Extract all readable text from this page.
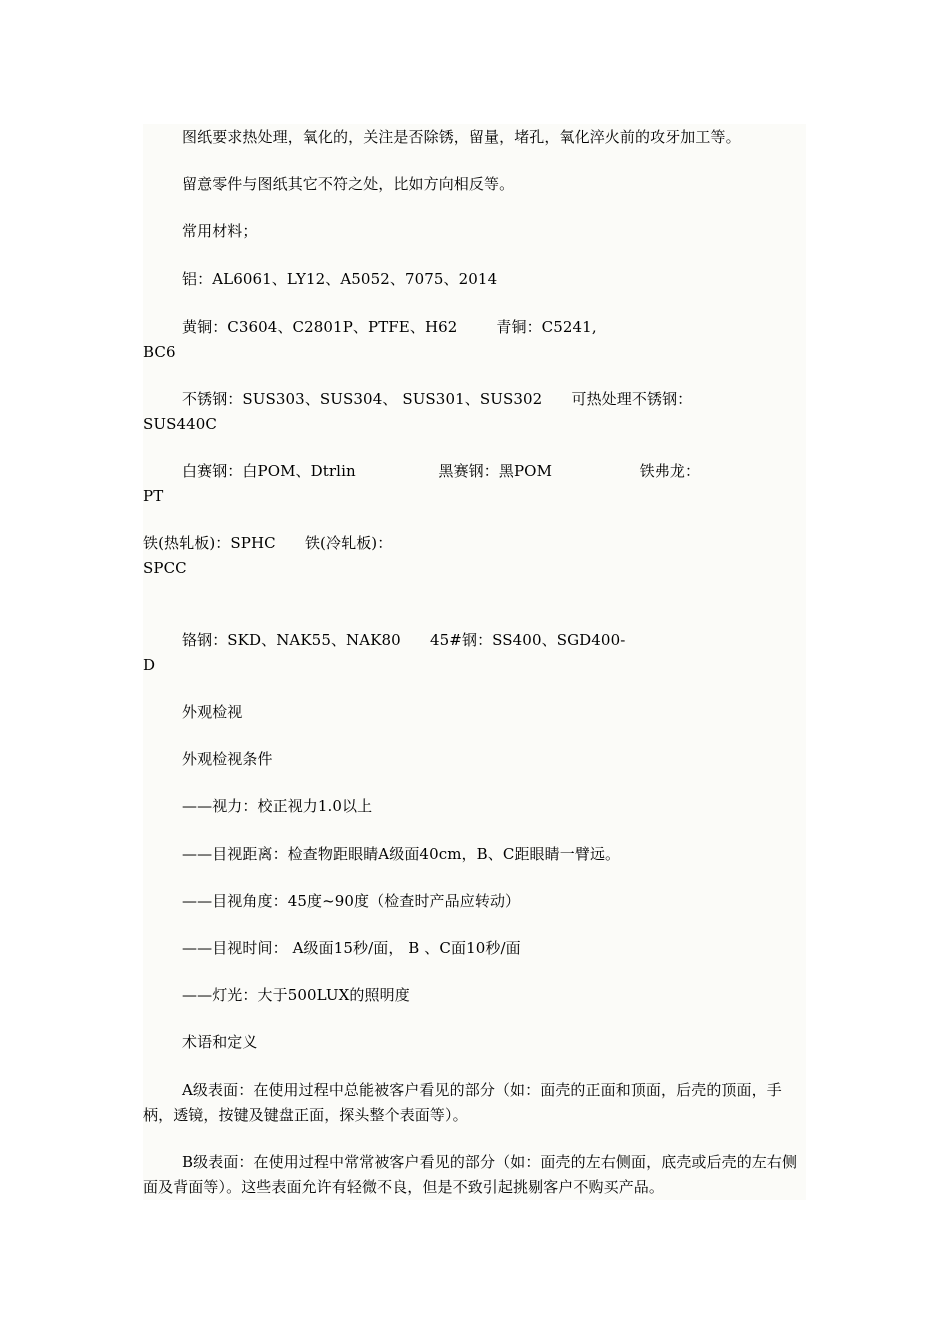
图纸要求热处理，氧化的，关注是否除锈，留量，堵孔，氧化淬火前的攻牙加工等。
留意零件与图纸其它不符之处，比如方向相反等。
常用材料；
铝：AL6061、LY12、A5052、7075、2014
黄铜：C3604、C2801P、PTFE、H62        青铜：C5241,
BC6
不锈钢：SUS303、SUS304、 SUS301、SUS302      可热处理不锈钢：
SUS440C
白赛钢：白POM、Dtrlin                 黑赛钢：黑POM                  铁弗龙：
PT
铁(热轧板)：SPHC      铁(冷轧板)：
SPCC
铬钢：SKD、NAK55、NAK80      45#钢：SS400、SGD400-
D
外观检视
外观检视条件
——视力：校正视力1.0以上
——目视距离：检查物距眼睛A级面40cm，B、C距眼睛一臂远。
——目视角度：45度~90度（检查时产品应转动）
——目视时间： A级面15秒/面， B 、C面10秒/面
——灯光：大于500LUX的照明度
术语和定义
A级表面：在使用过程中总能被客户看见的部分（如：面壳的正面和顶面，后壳的顶面，手柄，透镜，按键及键盘正面，探头整个表面等）。
B级表面：在使用过程中常常被客户看见的部分（如：面壳的左右侧面，底壳或后壳的左右侧面及背面等）。这些表面允许有轻微不良，但是不致引起挑剔客户不购买产品。
